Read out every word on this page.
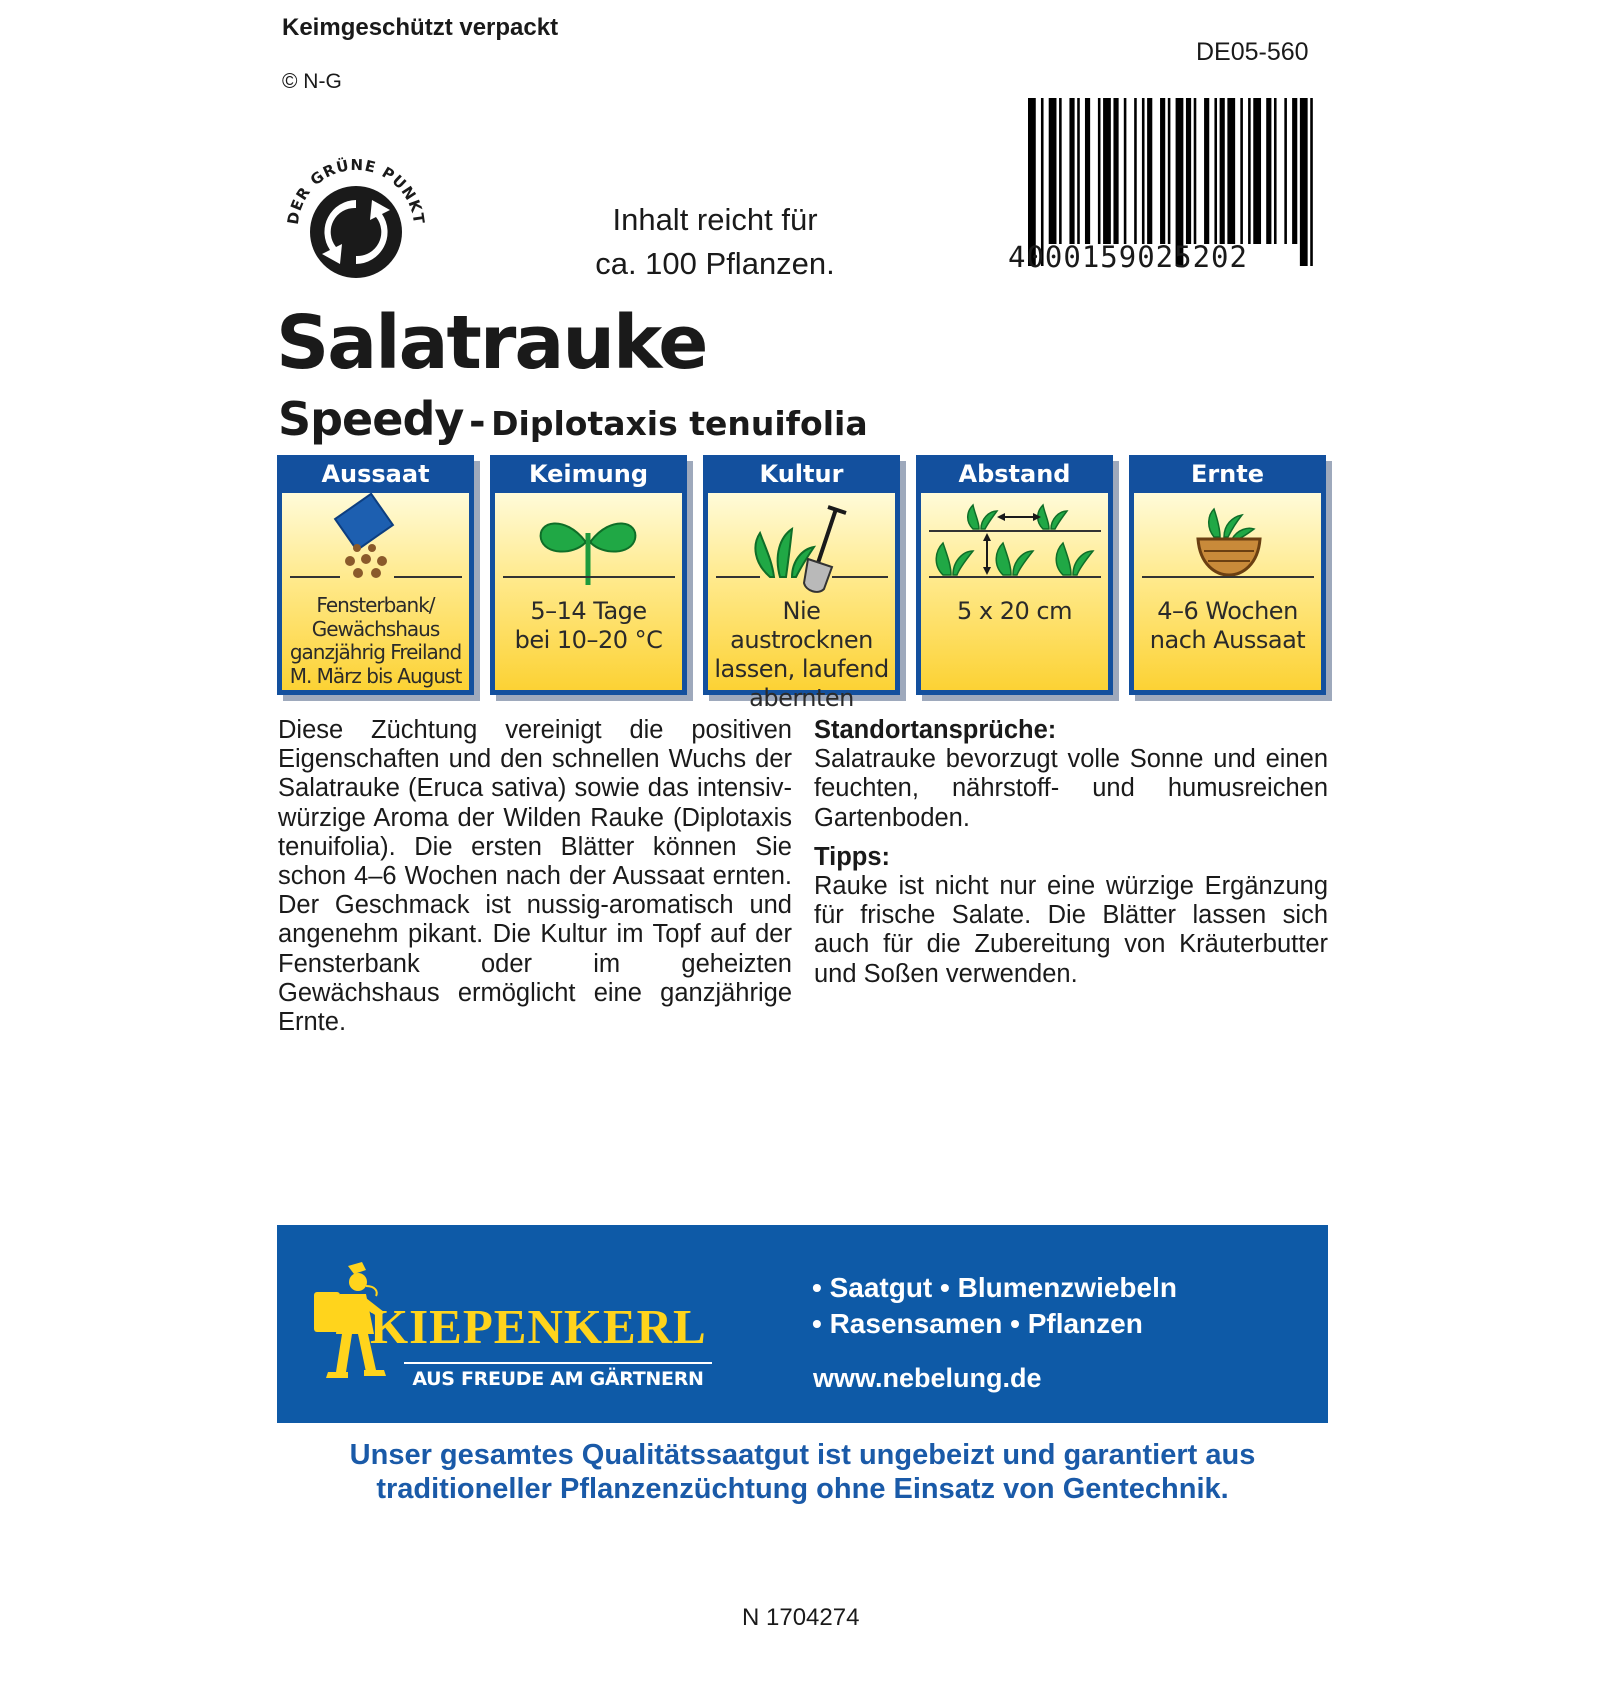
Keimgeschützt verpackt
© N-G
DE05-560
DER GRÜNE PUNKT	Inhalt reicht für
ca. 100 Pflanzen.	4000159025202
Salatrauke
Speedy - Diplotaxis tenuifolia
Aussaat
Fensterbank/
Gewächshaus
ganzjährig Freiland
M. März bis August
Keimung
5–14 Tage
bei 10–20 °C
Kultur
Nie austrocknen
lassen, laufend
abernten
Abstand
5 x 20 cm
Ernte
4–6 Wochen
nach Aussaat
Diese Züchtung vereinigt die positiven Eigenschaften und den schnellen Wuchs der Salatrauke (Eruca sativa) sowie das intensiv-würzige Aroma der Wilden Rauke (Diplotaxis tenuifolia). Die ersten Blätter können Sie schon 4–6 Wochen nach der Aussaat ernten. Der Geschmack ist nussig-aromatisch und angenehm pikant. Die Kultur im Topf auf der Fensterbank oder im geheizten Gewächshaus ermöglicht eine ganzjährige Ernte.
Standortansprüche:
Salatrauke bevorzugt volle Sonne und einen feuchten, nährstoff- und humusreichen Gartenboden.
Tipps:
Rauke ist nicht nur eine würzige Ergänzung für frische Salate. Die Blätter lassen sich auch für die Zubereitung von Kräuterbutter und Soßen verwenden.
KIEPENKERL
AUS FREUDE AM GÄRTNERN
• Saatgut • Blumenzwiebeln
• Rasensamen • Pflanzen
www.nebelung.de
Unser gesamtes Qualitätssaatgut ist ungebeizt und garantiert aus
traditioneller Pflanzenzüchtung ohne Einsatz von Gentechnik.
N 1704274
